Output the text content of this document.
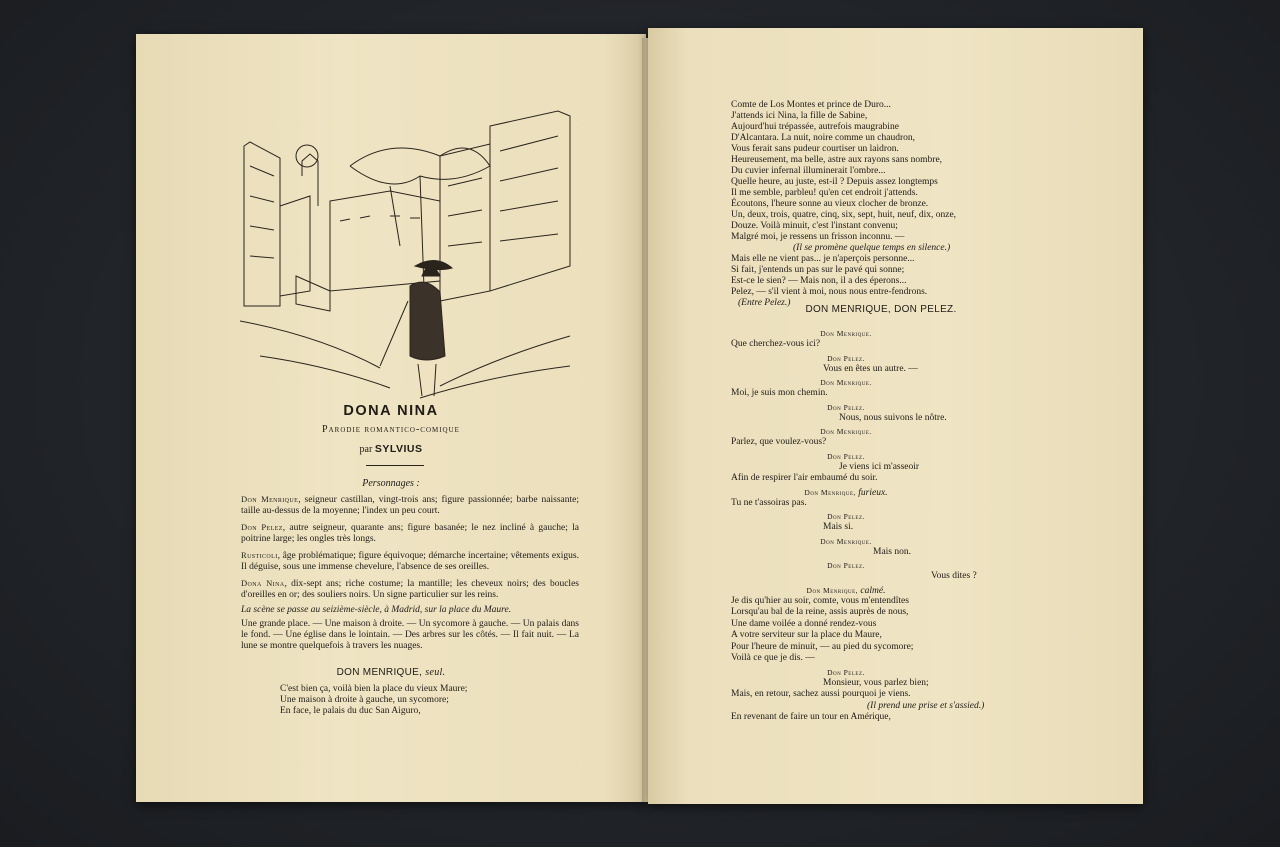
DONA NINA
Parodie romantico-comique
par SYLVIUS
Personnages :

Don Menrique, seigneur castillan, vingt-trois ans; figure passionnée; barbe naissante; taille au-dessus de la moyenne; l'index un peu court.

Don Pelez, autre seigneur, quarante ans; figure basanée; le nez incliné à gauche; la poitrine large; les ongles très longs.

Rusticoli, âge problématique; figure équivoque; démarche incertaine; vêtements exigus. Il déguise, sous une immense chevelure, l'absence de ses oreilles.

Dona Nina, dix-sept ans; riche costume; la mantille; les cheveux noirs; des boucles d'oreilles en or; des souliers noirs. Un signe particulier sur les reins.

La scène se passe au seizième-siècle, à Madrid, sur la place du Maure.
Une grande place. — Une maison à droite. — Un sycomore à gauche. — Un palais dans le fond. — Une église dans le lointain. — Des arbres sur les côtés. — Il fait nuit. — La lune se montre quelquefois à travers les nuages.
DON MENRIQUE, seul.
C'est bien ça, voilà bien la place du vieux Maure;
Une maison à droite à gauche, un sycomore;
En face, le palais du duc San Aiguro,
Comte de Los Montes et prince de Duro...
J'attends ici Nina, la fille de Sabine,
Aujourd'hui trépassée, autrefois maugrabine
D'Alcantara. La nuit, noire comme un chaudron,
Vous ferait sans pudeur courtiser un laidron.
Heureusement, ma belle, astre aux rayons sans nombre,
Du cuvier infernal illuminerait l'ombre...
Quelle heure, au juste, est-il ? Depuis assez longtemps
Il me semble, parbleu! qu'en cet endroit j'attends.
Écoutons, l'heure sonne au vieux clocher de bronze.
Un, deux, trois, quatre, cinq, six, sept, huit, neuf, dix, onze,
Douze. Voilà minuit, c'est l'instant convenu;
Malgré moi, je ressens un frisson inconnu. —
(Il se promène quelque temps en silence.)
Mais elle ne vient pas... je n'aperçois personne...
Si fait, j'entends un pas sur le pavé qui sonne;
Est-ce le sien? — Mais non, il a des éperons...
Pelez, — s'il vient à moi, nous nous entre-fendrons.
(Entre Pelez.)
DON MENRIQUE, DON PELEZ.
Don Menrique.
Que cherchez-vous ici?
Don Pelez.
Vous en êtes un autre. —
Don Menrique.
Moi, je suis mon chemin.
Don Pelez.
Nous, nous suivons le nôtre.
Don Menrique.
Parlez, que voulez-vous?
Don Pelez.
Je viens ici m'asseoir
Afin de respirer l'air embaumé du soir.
Don Menrique, furieux.
Tu ne t'assoiras pas.
Don Pelez.
Mais si.
Don Menrique.
Mais non.
Don Pelez.
Vous dites ?
Don Menrique, calmé.
Je dis qu'hier au soir, comte, vous m'entendîtes
Lorsqu'au bal de la reine, assis auprès de nous,
Une dame voilée a donné rendez-vous
A votre serviteur sur la place du Maure,
Pour l'heure de minuit, — au pied du sycomore;
Voilà ce que je dis. —
Don Pelez.
Monsieur, vous parlez bien;
Mais, en retour, sachez aussi pourquoi je viens.
(Il prend une prise et s'assied.)
En revenant de faire un tour en Amérique,
